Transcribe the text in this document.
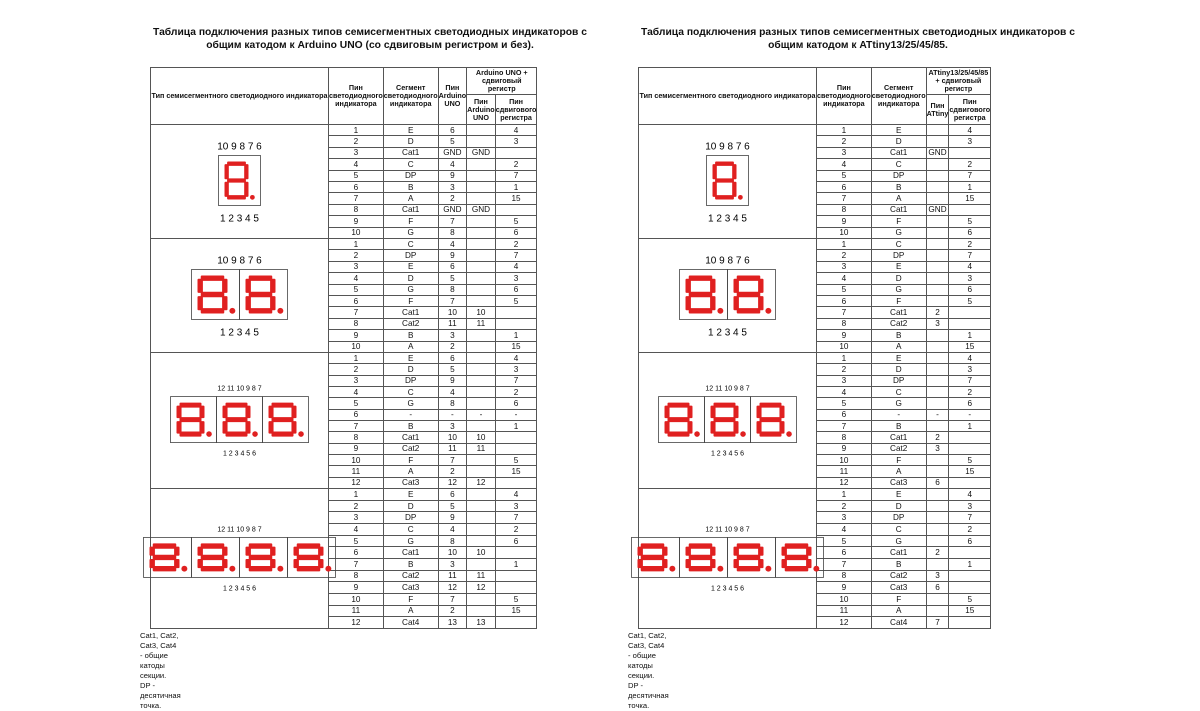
Таблица подключения разных типов семисегментных светодиодных индикаторов с
общим катодом к Arduino UNO (со сдвиговым регистром и без).
Тип семисегментного светодиодного индикатора	Пин светодиодного индикатора	Сегмент светодиодного индикатора	Пин Arduino UNO	Arduino UNO + сдвиговый регистр	
				Пин Arduino UNO	Пин сдвигового регистра

10 9 8 7 6
1 2 3 4 5	1	E	6		4
	2	D	5		3
	3	Cat1	GND	GND	
	4	C	4		2
	5	DP	9		7
	6	B	3		1
	7	A	2		15
	8	Cat1	GND	GND	
	9	F	7		5
	10	G	8		6

10 9 8 7 6
1 2 3 4 5	1	C	4		2
	2	DP	9		7
	3	E	6		4
	4	D	5		3
	5	G	8		6
	6	F	7		5
	7	Cat1	10	10	
	8	Cat2	11	11	
	9	B	3		1
	10	A	2		15

12 11 10 9 8 7
1 2 3 4 5 6	1	E	6		4
	2	D	5		3
	3	DP	9		7
	4	C	4		2
	5	G	8		6
	6	-	-	-	-
	7	B	3		1
	8	Cat1	10	10	
	9	Cat2	11	11	
	10	F	7		5
	11	A	2		15
	12	Cat3	12	12	

12 11 10 9 8 7
1 2 3 4 5 6	1	E	6		4
	2	D	5		3
	3	DP	9		7
	4	C	4		2
	5	G	8		6
	6	Cat1	10	10	
	7	B	3		1
	8	Cat2	11	11	
	9	Cat3	12	12	
	10	F	7		5
	11	A	2		15
	12	Cat4	13	13	
Cat1, Cat2, Cat3, Cat4 - общие катоды секции.
DP - десятичная точка.
Таблица подключения разных типов семисегментных светодиодных индикаторов с
общим катодом к ATtiny13/25/45/85.
Тип семисегментного светодиодного индикатора	Пин светодиодного индикатора	Сегмент светодиодного индикатора	ATtiny13/25/45/85 + сдвиговый регистр	
			Пин ATtiny	Пин сдвигового регистра

10 9 8 7 6
1 2 3 4 5	1	E		4
	2	D		3
	3	Cat1	GND	
	4	C		2
	5	DP		7
	6	B		1
	7	A		15
	8	Cat1	GND	
	9	F		5
	10	G		6

10 9 8 7 6
1 2 3 4 5	1	C		2
	2	DP		7
	3	E		4
	4	D		3
	5	G		6
	6	F		5
	7	Cat1	2	
	8	Cat2	3	
	9	B		1
	10	A		15

12 11 10 9 8 7
1 2 3 4 5 6	1	E		4
	2	D		3
	3	DP		7
	4	C		2
	5	G		6
	6	-	-	-
	7	B		1
	8	Cat1	2	
	9	Cat2	3	
	10	F		5
	11	A		15
	12	Cat3	6	

12 11 10 9 8 7
1 2 3 4 5 6	1	E		4
	2	D		3
	3	DP		7
	4	C		2
	5	G		6
	6	Cat1	2	
	7	B		1
	8	Cat2	3	
	9	Cat3	6	
	10	F		5
	11	A		15
	12	Cat4	7	
Cat1, Cat2, Cat3, Cat4 - общие катоды секции.
DP - десятичная точка.
